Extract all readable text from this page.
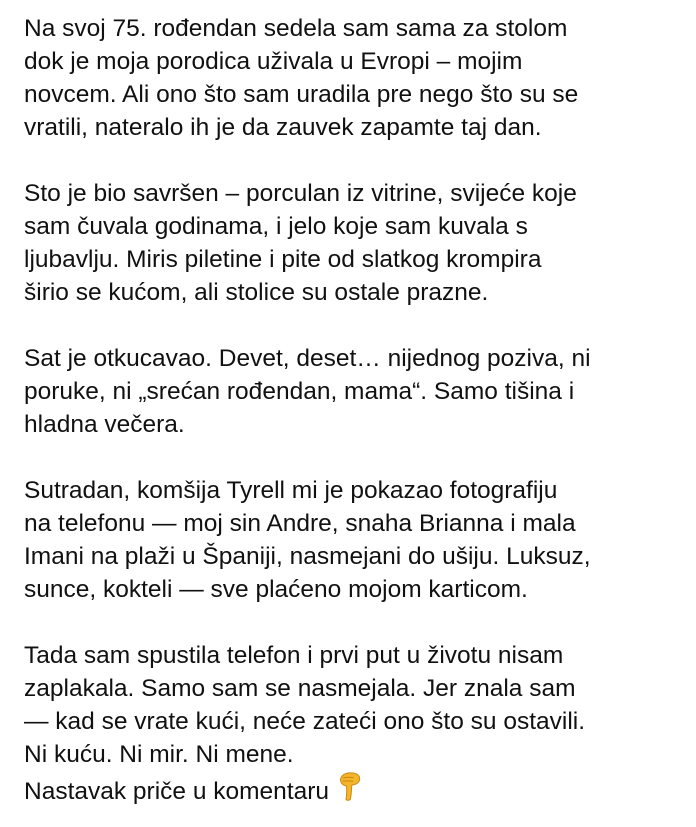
Na svoj 75. rođendan sedela sam sama za stolom
dok je moja porodica uživala u Evropi – mojim
novcem. Ali ono što sam uradila pre nego što su se
vratili, nateralo ih je da zauvek zapamte taj dan.

Sto je bio savršen – porculan iz vitrine, svijeće koje
sam čuvala godinama, i jelo koje sam kuvala s
ljubavlju. Miris piletine i pite od slatkog krompira
širio se kućom, ali stolice su ostale prazne.

Sat je otkucavao. Devet, deset… nijednog poziva, ni
poruke, ni „srećan rođendan, mama“. Samo tišina i
hladna večera.

Sutradan, komšija Tyrell mi je pokazao fotografiju
na telefonu — moj sin Andre, snaha Brianna i mala
Imani na plaži u Španiji, nasmejani do ušiju. Luksuz,
sunce, kokteli — sve plaćeno mojom karticom.

Tada sam spustila telefon i prvi put u životu nisam
zaplakala. Samo sam se nasmejala. Jer znala sam
— kad se vrate kući, neće zateći ono što su ostavili.
Ni kuću. Ni mir. Ni mene.
Nastavak priče u komentaru
